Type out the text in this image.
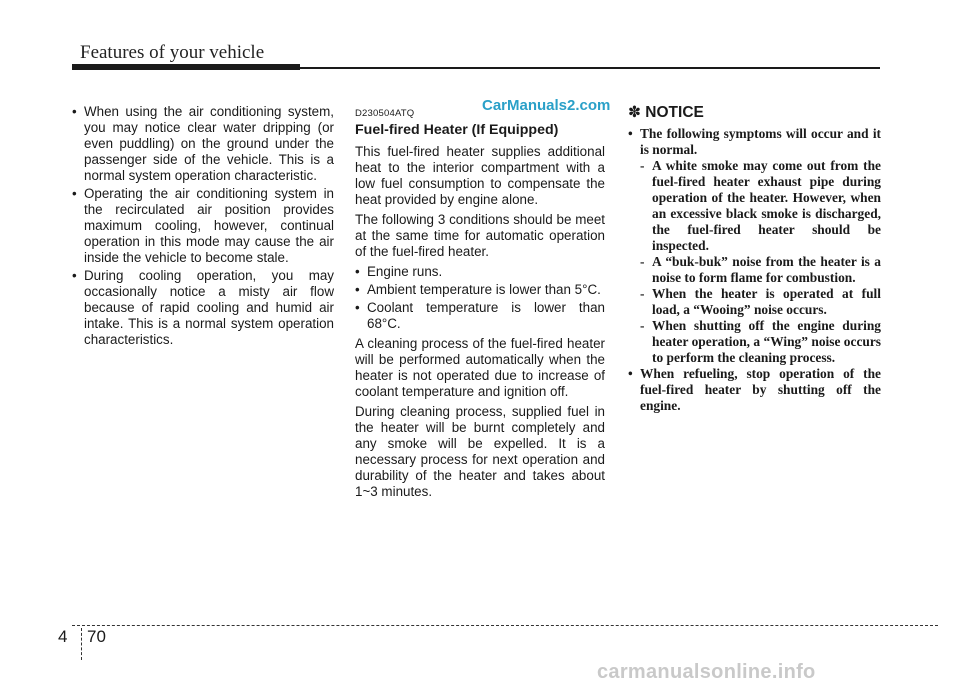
Features of your vehicle
• When using the air conditioning system, you may notice clear water dripping (or even puddling) on the ground under the passenger side of the vehicle. This is a normal system operation characteristic.
• Operating the air conditioning system in the recirculated air position provides maximum cooling, however, continual operation in this mode may cause the air inside the vehicle to become stale.
• During cooling operation, you may occasionally notice a misty air flow because of rapid cooling and humid air intake. This is a normal system operation characteristics.
D230504ATQ	CarManuals2.com
Fuel-fired Heater (If Equipped)

This fuel-fired heater supplies additional heat to the interior compartment with a low fuel consumption to compensate the heat provided by engine alone.

The following 3 conditions should be meet at the same time for automatic operation of the fuel-fired heater.

• Engine runs.
• Ambient temperature is lower than 5°C.
• Coolant temperature is lower than 68°C.

A cleaning process of the fuel-fired heater will be performed automatically when the heater is not operated due to increase of coolant temperature and ignition off.

During cleaning process, supplied fuel in the heater will be burnt completely and any smoke will be expelled. It is a necessary process for next operation and durability of the heater and takes about 1~3 minutes.

✽ NOTICE
• The following symptoms will occur and it is normal.
- A white smoke may come out from the fuel-fired heater exhaust pipe during operation of the heater. However, when an excessive black smoke is discharged, the fuel-fired heater should be inspected.
- A “buk-buk” noise from the heater is a noise to form flame for combustion.
- When the heater is operated at full load, a “Wooing” noise occurs.
- When shutting off the engine during heater operation, a “Wing” noise occurs to perform the cleaning process.
• When refueling, stop operation of the fuel-fired heater by shutting off the engine.
4 70
carmanualsonline.info
